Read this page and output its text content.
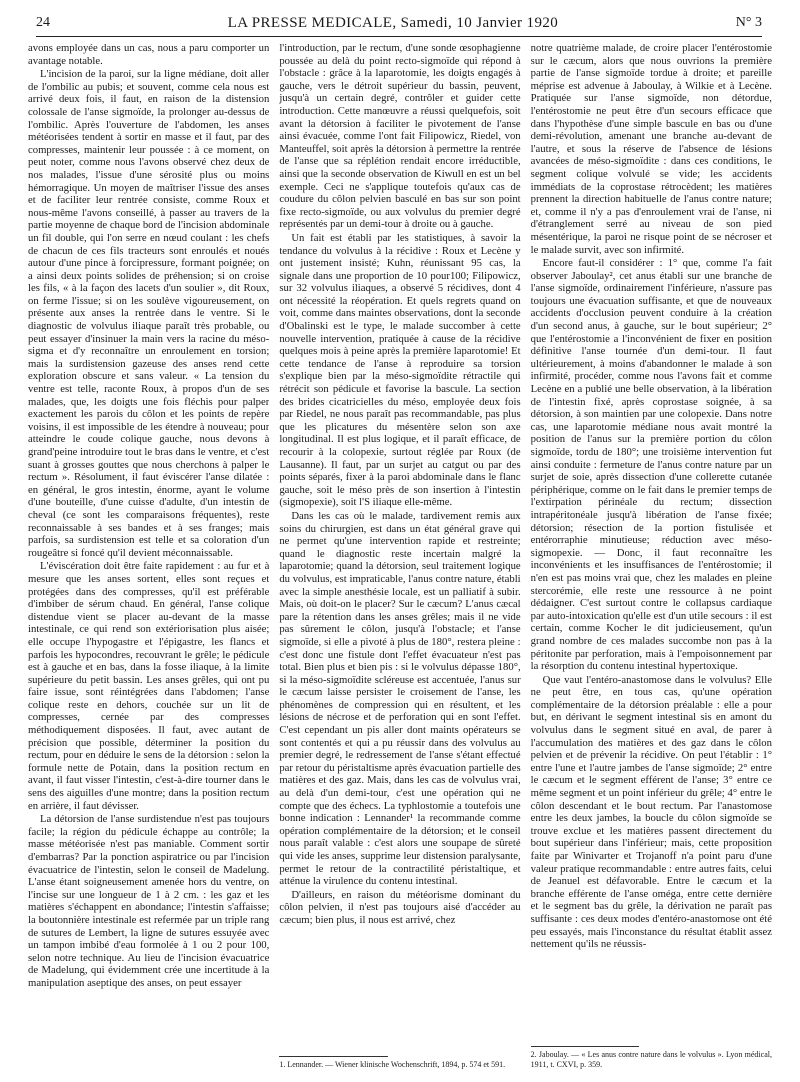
24	LA PRESSE MEDICALE, Samedi, 10 Janvier 1920	N° 3

avons employée dans un cas, nous a paru comporter un avantage notable.

L'incision de la paroi, sur la ligne médiane, doit aller de l'ombilic au pubis; et souvent, comme cela nous est arrivé deux fois, il faut, en raison de la distension colossale de l'anse sigmoïde, la prolonger au-dessus de l'ombilic. Après l'ouverture de l'abdomen, les anses météorisées tendent à sortir en masse et il faut, par des compresses, maintenir leur poussée : à ce moment, on peut noter, comme nous l'avons observé chez deux de nos malades, l'issue d'une sérosité plus ou moins hémorragique. Un moyen de maîtriser l'issue des anses et de faciliter leur rentrée consiste, comme Roux et nous-même l'avons conseillé, à passer au travers de la partie moyenne de chaque bord de l'incision abdominale un fil double, qui l'on serre en nœud coulant : les chefs de chacun de ces fils tracteurs sont enroulés et noués autour d'une pince à forcipressure, formant poignée; on a ainsi deux points solides de préhension; si on croise les fils, « à la façon des lacets d'un soulier », dit Roux, on ferme l'issue; si on les soulève vigoureusement, on présente aux anses la rentrée dans le ventre. Si le diagnostic de volvulus iliaque paraît très probable, ou peut essayer d'insinuer la main vers la racine du méso-sigma et d'y reconnaître un enroulement en torsion; mais la surdistension gazeuse des anses rend cette exploration obscure et sans valeur. « La tension du ventre est telle, raconte Roux, à propos d'un de ses malades, que, les doigts une fois fléchis pour palper exactement les parois du côlon et les points de repère voisins, il est impossible de les étendre à nouveau; pour atteindre le coude colique gauche, nous devons à grand'peine introduire tout le bras dans le ventre, et c'est suant à grosses gouttes que nous cherchons à palper le rectum ». Résolument, il faut éviscérer l'anse dilatée : en général, le gros intestin, énorme, ayant le volume d'une bouteille, d'une cuisse d'adulte, d'un intestin de cheval (ce sont les comparaisons fréquentes), reste reconnaissable à ses bandes et à ses franges; mais parfois, sa surdistension est telle et sa coloration d'un rougeâtre si foncé qu'il devient méconnaissable.

L'éviscération doit être faite rapidement : au fur et à mesure que les anses sortent, elles sont reçues et protégées dans des compresses, qu'il est préférable d'imbiber de sérum chaud. En général, l'anse colique distendue vient se placer au-devant de la masse intestinale, ce qui rend son extériorisation plus aisée; elle occupe l'hypogastre et l'épigastre, les flancs et parfois les hypocondres, recouvrant le grêle; le pédicule est à gauche et en bas, dans la fosse iliaque, à la limite supérieure du petit bassin. Les anses grêles, qui ont pu faire issue, sont réintégrées dans l'abdomen; l'anse colique reste en dehors, couchée sur un lit de compresses, cernée par des compresses méthodiquement disposées. Il faut, avec autant de précision que possible, déterminer la position du rectum, pour en déduire le sens de la détorsion : selon la formule nette de Potain, dans la position rectum en avant, il faut visser l'intestin, c'est-à-dire tourner dans le sens des aiguilles d'une montre; dans la position rectum en arrière, il faut dévisser.

La détorsion de l'anse surdistendue n'est pas toujours facile; la région du pédicule échappe au contrôle; la masse météorisée n'est pas maniable. Comment sortir d'embarras? Par la ponction aspiratrice ou par l'incision évacuatrice de l'intestin, selon le conseil de Madelung. L'anse étant soigneusement amenée hors du ventre, on l'incise sur une longueur de 1 à 2 cm. : les gaz et les matières s'échappent en abondance; l'intestin s'affaisse; la boutonnière intestinale est refermée par un triple rang de sutures de Lembert, la ligne de sutures essuyée avec un tampon imbibé d'eau formolée à 1 ou 2 pour 100, selon notre technique. Au lieu de l'incision évacuatrice de Madelung, qui évidemment crée une incertitude à la manipulation aseptique des anses, on peut essayer

l'introduction, par le rectum, d'une sonde œsophagienne poussée au delà du point recto-sigmoïde qui répond à l'obstacle : grâce à la laparotomie, les doigts engagés à gauche, vers le détroit supérieur du bassin, peuvent, jusqu'à un certain degré, contrôler et guider cette introduction. Cette manœuvre a réussi quelquefois, soit avant la détorsion à faciliter le pivotement de l'anse ainsi évacuée, comme l'ont fait Filipowicz, Riedel, von Manteuffel, soit après la détorsion à permettre la rentrée de l'anse que sa réplétion rendait encore irréductible, ainsi que la seconde observation de Kiwull en est un bel exemple. Ceci ne s'applique toutefois qu'aux cas de coudure du côlon pelvien basculé en bas sur son point fixe recto-sigmoïde, ou aux volvulus du premier degré représentés par un demi-tour à droite ou à gauche.

Un fait est établi par les statistiques, à savoir la tendance du volvulus à la récidive : Roux et Lecène y ont justement insisté; Kuhn, réunissant 95 cas, la signale dans une proportion de 10 pour100; Filipowicz, sur 32 volvulus iliaques, a observé 5 récidives, dont 4 ont nécessité la réopération. Et quels regrets quand on voit, comme dans maintes observations, dont la seconde d'Obalinski est le type, le malade succomber à cette nouvelle intervention, pratiquée à cause de la récidive quelques mois à peine après la première laparotomie! Et cette tendance de l'anse à reproduire sa torsion s'explique bien par la méso-sigmoïdite rétractile qui rétrécit son pédicule et favorise la bascule. La section des brides cicatricielles du méso, employée deux fois par Riedel, ne nous paraît pas recommandable, pas plus que les plicatures du mésentère selon son axe longitudinal. Il est plus logique, et il paraît efficace, de recourir à la colopexie, surtout réglée par Roux (de Lausanne). Il faut, par un surjet au catgut ou par des points séparés, fixer à la paroi abdominale dans le flanc gauche, soit le méso près de son insertion à l'intestin (sigmopexie), soit l'S iliaque elle-même.

Dans les cas où le malade, tardivement remis aux soins du chirurgien, est dans un état général grave qui ne permet qu'une intervention rapide et restreinte; quand le diagnostic reste incertain malgré la laparotomie; quand la détorsion, seul traitement logique du volvulus, est impraticable, l'anus contre nature, établi avec la simple anesthésie locale, est un palliatif à subir. Mais, où doit-on le placer? Sur le cæcum? L'anus cæcal pare la rétention dans les anses grêles; mais il ne vide pas sûrement le côlon, jusqu'à l'obstacle; et l'anse sigmoïde, si elle a pivoté à plus de 180°, restera pleine : c'est donc une fistule dont l'effet évacuateur n'est pas total. Bien plus et bien pis : si le volvulus dépasse 180°, si la méso-sigmoïdite scléreuse est accentuée, l'anus sur le cæcum laisse persister le croisement de l'anse, les phénomènes de compression qui en résultent, et les lésions de nécrose et de perforation qui en sont l'effet. C'est cependant un pis aller dont maints opérateurs se sont contentés et qui a pu réussir dans des volvulus au premier degré, le redressement de l'anse s'étant effectué par retour du péristaltisme après évacuation partielle des matières et des gaz. Mais, dans les cas de volvulus vrai, au delà d'un demi-tour, c'est une opération qui ne compte que des échecs. La typhlostomie a toutefois une bonne indication : Lennander¹ la recommande comme opération complémentaire de la détorsion; et le conseil nous paraît valable : c'est alors une soupape de sûreté qui vide les anses, supprime leur distension paralysante, permet le retour de la contractilité péristaltique, et atténue la virulence du contenu intestinal.

D'ailleurs, en raison du météorisme dominant du côlon pelvien, il n'est pas toujours aisé d'accéder au cæcum; bien plus, il nous est arrivé, chez

1. Lennander. — Wiener klinische Wochenschrift, 1894, p. 574 et 591.

notre quatrième malade, de croire placer l'entérostomie sur le cæcum, alors que nous ouvrions la première partie de l'anse sigmoïde tordue à droite; et pareille méprise est advenue à Jaboulay, à Wilkie et à Lecène. Pratiquée sur l'anse sigmoïde, non détordue, l'entérostomie ne peut être d'un secours efficace que dans l'hypothèse d'une simple bascule en bas ou d'une demi-révolution, amenant une branche au-devant de l'autre, et sous la réserve de l'absence de lésions avancées de méso-sigmoïdite : dans ces conditions, le segment colique volvulé se vide; les accidents immédiats de la coprostase rétrocèdent; les matières prennent la direction habituelle de l'anus contre nature; et, comme il n'y a pas d'enroulement vrai de l'anse, ni d'étranglement serré au niveau de son pied mésentérique, la paroi ne risque point de se nécroser et le malade survit, avec son infirmité.

Encore faut-il considérer : 1° que, comme l'a fait observer Jaboulay², cet anus établi sur une branche de l'anse sigmoïde, ordinairement l'inférieure, n'assure pas toujours une évacuation suffisante, et que de nouveaux accidents d'occlusion peuvent conduire à la création d'un second anus, à gauche, sur le bout supérieur; 2° que l'entérostomie a l'inconvénient de fixer en position définitive l'anse tournée d'un demi-tour. Il faut ultérieurement, à moins d'abandonner le malade à son infirmité, procéder, comme nous l'avons fait et comme Lecène en a publié une belle observation, à la libération de l'intestin fixé, après coprostase soignée, à sa détorsion, à son maintien par une colopexie. Dans notre cas, une laparotomie médiane nous avait montré la position de l'anus sur la première portion du côlon sigmoïde, tordu de 180°; une troisième intervention fut ainsi conduite : fermeture de l'anus contre nature par un surjet de soie, après dissection d'une collerette cutanée périphérique, comme on le fait dans le premier temps de l'extirpation périnéale du rectum; dissection intrapéritonéale jusqu'à libération de l'anse fixée; détorsion; résection de la portion fistulisée et entérorraphie minutieuse; réduction avec méso-sigmopexie. — Donc, il faut reconnaître les inconvénients et les insuffisances de l'entérostomie; il n'en est pas moins vrai que, chez les malades en pleine stercorémie, elle reste une ressource à ne point dédaigner. C'est surtout contre le collapsus cardiaque par auto-intoxication qu'elle est d'un utile secours : il est certain, comme Kocher le dit judicieusement, qu'un grand nombre de ces malades succombe non pas à la péritonite par perforation, mais à l'empoisonnement par la résorption du contenu intestinal hypertoxique.

Que vaut l'entéro-anastomose dans le volvulus? Elle ne peut être, en tous cas, qu'une opération complémentaire de la détorsion préalable : elle a pour but, en dérivant le segment intestinal sis en amont du volvulus dans le segment situé en aval, de parer à l'accumulation des matières et des gaz dans le côlon pelvien et de prévenir la récidive. On peut l'établir : 1° entre l'une et l'autre jambes de l'anse sigmoïde; 2° entre le cæcum et le segment efférent de l'anse; 3° entre ce même segment et un point inférieur du grêle; 4° entre le côlon descendant et le bout rectum. Par l'anastomose entre les deux jambes, la boucle du côlon sigmoïde se trouve exclue et les matières passent directement du bout supérieur dans l'inférieur; mais, cette proposition faite par Winivarter et Trojanoff n'a point paru d'une valeur pratique recommandable : entre autres faits, celui de Jeanuel est défavorable. Entre le cæcum et la branche efférente de l'anse oméga, entre cette dernière et le segment bas du grêle, la dérivation ne paraît pas suffisante : ces deux modes d'entéro-anastomose ont été peu essayés, mais l'inconstance du résultat établit assez nettement qu'ils ne réussis-

2. Jaboulay. — « Les anus contre nature dans le volvulus ». Lyon médical, 1911, t. CXVI, p. 359.
